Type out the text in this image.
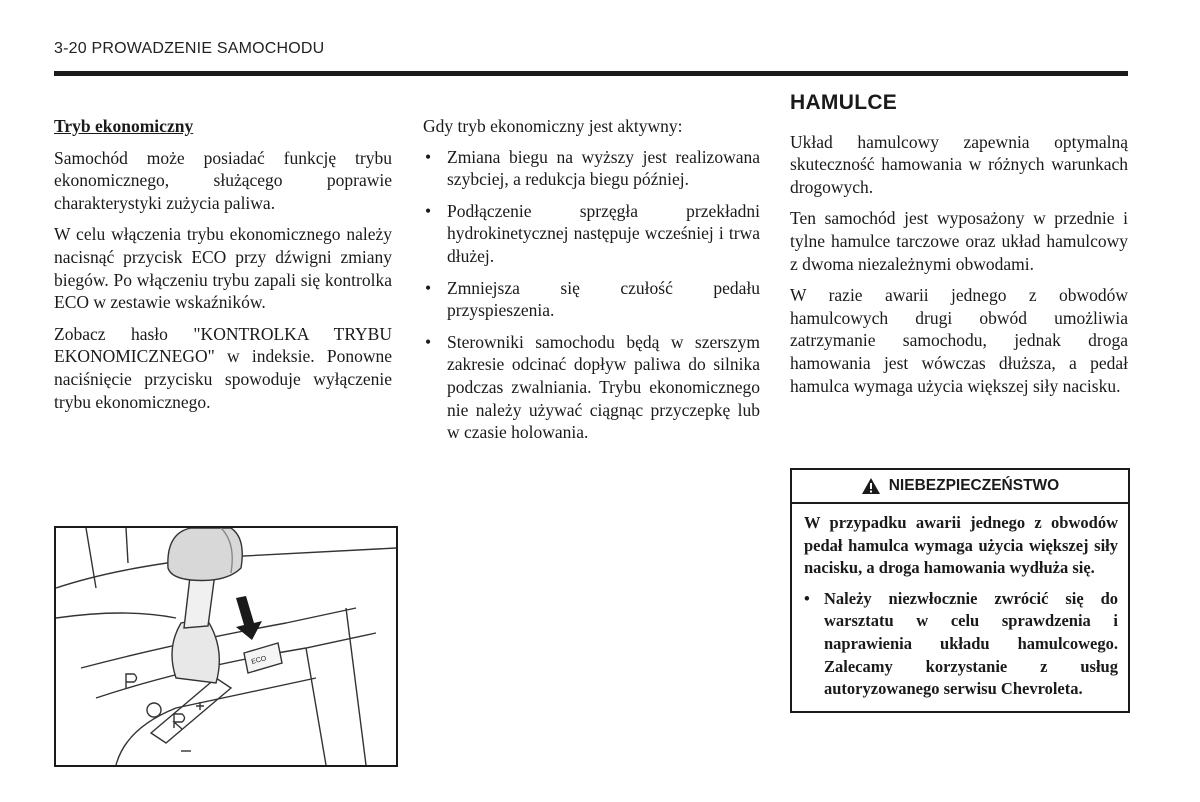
3-20 PROWADZENIE SAMOCHODU

Tryb ekonomiczny

Samochód może posiadać funkcję trybu ekonomicznego, służącego poprawie charakterystyki zużycia paliwa.

W celu włączenia trybu ekonomicznego należy nacisnąć przycisk ECO przy dźwigni zmiany biegów. Po włączeniu trybu zapali się kontrolka ECO w zestawie wskaźników.

Zobacz hasło "KONTROLKA TRYBU EKONOMICZNEGO" w indeksie. Ponowne naciśnięcie przycisku spowoduje wyłączenie trybu ekonomicznego.

Gdy tryb ekonomiczny jest aktywny:

• Zmiana biegu na wyższy jest realizowana szybciej, a redukcja biegu później.
• Podłączenie sprzęgła przekładni hydrokinetycznej następuje wcześniej i trwa dłużej.
• Zmniejsza się czułość pedału przyspieszenia.
• Sterowniki samochodu będą w szerszym zakresie odcinać dopływ paliwa do silnika podczas zwalniania. Trybu ekonomicznego nie należy używać ciągnąc przyczepkę lub w czasie holowania.
HAMULCE

Układ hamulcowy zapewnia optymalną skuteczność hamowania w różnych warunkach drogowych.

Ten samochód jest wyposażony w przednie i tylne hamulce tarczowe oraz układ hamulcowy z dwoma niezależnymi obwodami.

W razie awarii jednego z obwodów hamulcowych drugi obwód umożliwia zatrzymanie samochodu, jednak droga hamowania jest wówczas dłuższa, a pedał hamulca wymaga użycia większej siły nacisku.

NIEBEZPIECZEŃSTWO

W przypadku awarii jednego z obwodów pedał hamulca wymaga użycia większej siły nacisku, a droga hamowania wydłuża się.

• Należy niezwłocznie zwrócić się do warsztatu w celu sprawdzenia i naprawienia układu hamulcowego. Zalecamy korzystanie z usług autoryzowanego serwisu Chevroleta.
ECO
